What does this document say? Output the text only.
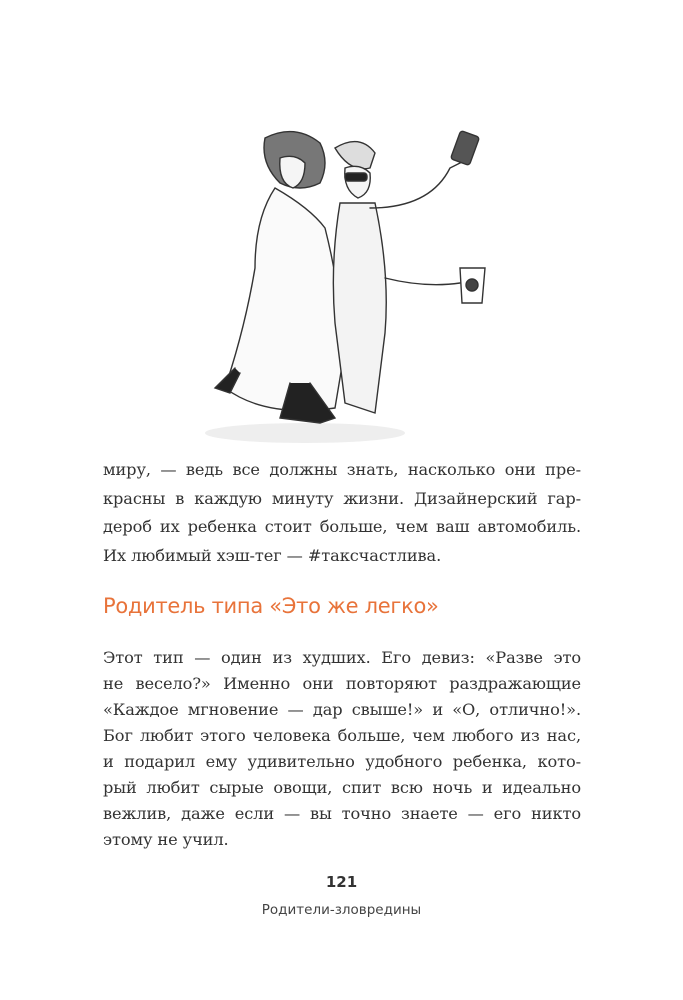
миру, — ведь все должны знать, насколько они пре-
красны в каждую минуту жизни. Дизайнерский гар-
дероб их ребенка стоит больше, чем ваш автомобиль.
Их любимый хэш-тег — #таксчастлива.
Родитель типа «Это же легко»
Этот тип — один из худших. Его девиз: «Разве это
не весело?» Именно они повторяют раздражающие
«Каждое мгновение — дар свыше!» и «О, отлично!».
Бог любит этого человека больше, чем любого из нас,
и подарил ему удивительно удобного ребенка, кото-
рый любит сырые овощи, спит всю ночь и идеально
вежлив, даже если — вы точно знаете — его никто
этому не учил.
121
Родители-зловредины
